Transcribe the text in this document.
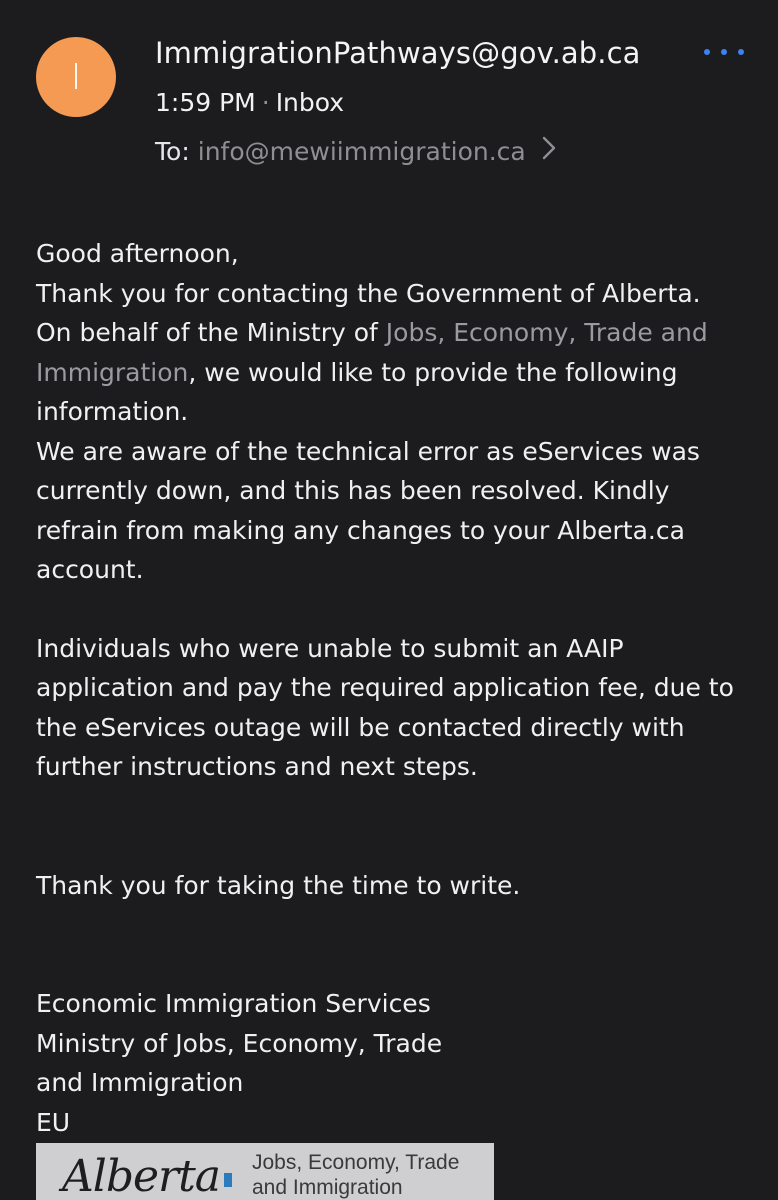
I
ImmigrationPathways@gov.ab.ca
1:59 PM · Inbox
To: info@mewiimmigration.ca

Good afternoon,

Thank you for contacting the Government of Alberta.

On behalf of the Ministry of Jobs, Economy, Trade and Immigration, we would like to provide the following information.

We are aware of the technical error as eServices was currently down, and this has been resolved. Kindly refrain from making any changes to your Alberta.ca account.

Individuals who were unable to submit an AAIP application and pay the required application fee, due to the eServices outage will be contacted directly with further instructions and next steps.

Thank you for taking the time to write.

Economic Immigration Services

Ministry of Jobs, Economy, Trade

and Immigration

EU

Alberta Jobs, Economy, Trade
and Immigration
